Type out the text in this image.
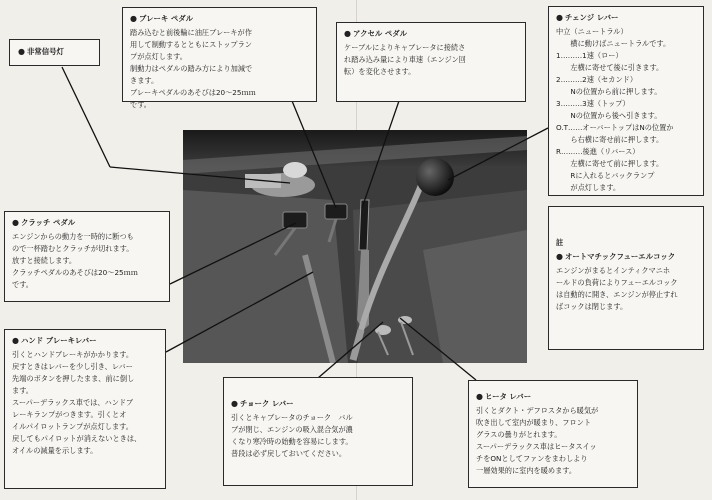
● 非常信号灯
● ブレーキ ペダル

踏み込むと前後輪に油圧ブレーキが作
用して制動するとともにストップラン
プが点灯します。
制動力はペダルの踏み方により加減で
きます。
ブレーキペダルのあそびは20～25ｍｍ
です。

● アクセル ペダル

ケーブルによりキャブレータに接続さ
れ踏み込み量により車速（エンジン回
転）を変化させます。

● チェンジ レバー
中立（ニュートラル）
　　横に動けばニュートラルです。
1………1速（ロー）
　　左横に寄せて後に引きます。
2………2速（セカンド）
　　Nの位置から前に押します。
3………3速（トップ）
　　Nの位置から後へ引きます。
O.T……オーバートップはNの位置か
　　ら右横に寄せ前に押します。
R………後進（リバース）
　　左横に寄せて前に押します。
　　Rに入れるとバックランプ
　　が点灯します。
註
● オートマチックフューエルコック

エンジンがまるとインティクマニホ
ールドの負荷によりフューエルコック
は自動的に開き、エンジンが停止すれ
ばコックは閉じます。

● クラッチ ペダル

エンジンからの動力を一時的に断つも
ので一杯踏むとクラッチが切れます。
放すと接続します。
クラッチペダルのあそびは20～25ｍｍ
です。

● ハンド ブレーキレバー

引くとハンドブレーキがかかります。
戻すときはレバーを少し引き、レバー
先端のボタンを押したまま、前に倒し
ます。
スーパーデラックス車では、ハンドブ
レーキランプがつきます。引くとオ
イルパイロットランプが点灯します。
戻してもパイロットが消えないときは、
オイルの減量を示します。

● チョーク レバー

引くとキャブレータのチョーク　バル
ブが閉じ、エンジンの吸入混合気が濃
くなり寒冷時の始動を容易にします。
普段は必ず戻しておいてください。

● ヒータ レバー

引くとダクト・デフロスタから暖気が
吹き出して室内が暖まり、フロント
グラスの曇りがとれます。
スーパーデラックス車はヒータスイッ
チをONとしてファンをまわしより
一層効果的に室内を暖めます。
